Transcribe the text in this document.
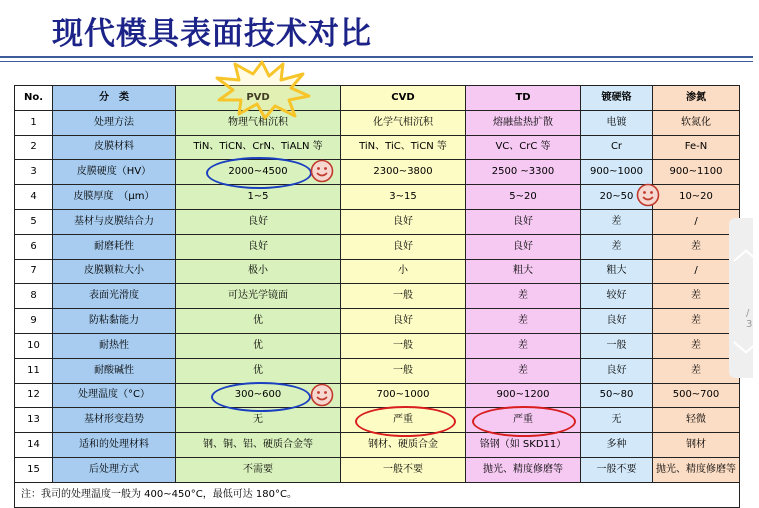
现代模具表面技术对比
No.	分　类		CVD	TD	镀硬铬	渗氮
1	处理方法	物理气相沉积	化学气相沉积	熔融盐热扩散	电镀	软氮化
2	皮膜材料	TiN、TiCN、CrN、TiALN 等	TiN、TiC、TiCN 等	VC、CrC 等	Cr	Fe-N
3	皮膜硬度（HV）	2000~4500	2300~3800	2500 ~3300	900~1000	900~1100
4	皮膜厚度　（μm）	1~5	3~15	5~20	20~50	10~20
5	基材与皮膜结合力	良好	良好	良好	差	/
6	耐磨耗性	良好	良好	良好	差	差
7	皮膜颗粒大小	极小	小	粗大	粗大	/
8	表面光滑度	可达光学镜面	一般	差	较好	差
9	防粘黏能力	优	良好	差	良好	差
10	耐热性	优	一般	差	一般	差
11	耐酸碱性	优	一般	差	良好	差
12	处理温度（°C）	300~600	700~1000	900~1200	50~80	500~700
13	基材形变趋势	无	严重	严重	无	轻微
14	适和的处理材料	钢、铜、铝、硬质合金等	钢材、硬质合金	铬钢（如 SKD11）	多种	钢材
15	后处理方式	不需要	一般不要	抛光、精度修磨等	一般不要	抛光、精度修磨等
注：我司的处理温度一般为 400~450°C，最低可达 180°C。						
︿
﹀
/ 3
